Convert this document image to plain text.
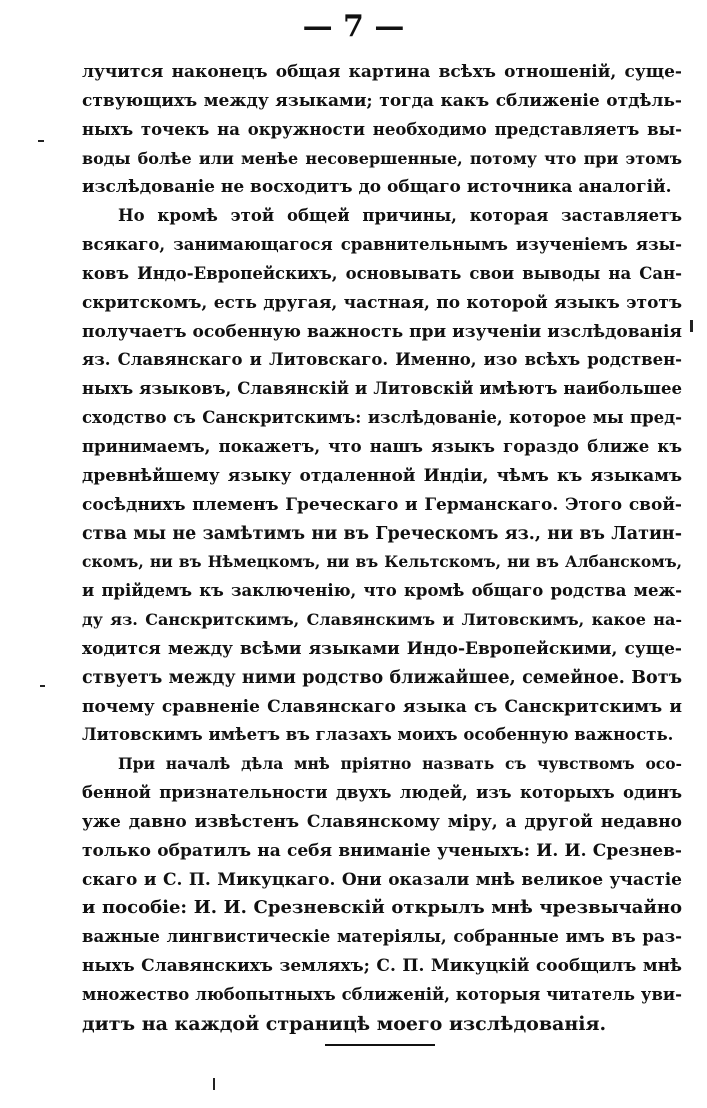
— 7 —
лучится наконецъ общая картина всѣхъ отношенiй, суще-
ствующихъ между языками; тогда какъ сближенiе отдѣль-
ныхъ точекъ на окружности необходимо представляетъ вы-
воды болѣе или менѣе несовершенные, потому что при этомъ
изслѣдованiе не восходитъ до общаго источника аналогiй.
Но кромѣ этой общей причины, которая заставляетъ
всякаго, занимающагося сравнительнымъ изученiемъ язы-
ковъ Индо-Европейскихъ, основывать свои выводы на Сан-
скритскомъ, есть другая, частная, по которой языкъ этотъ
получаетъ особенную важность при изученiи изслѣдованiя
яз. Славянскаго и Литовскаго. Именно, изо всѣхъ родствен-
ныхъ языковъ, Славянскiй и Литовскiй имѣютъ наибольшее
сходство съ Санскритскимъ: изслѣдованiе, которое мы пред-
принимаемъ, покажетъ, что нашъ языкъ гораздо ближе къ
древнѣйшему языку отдаленной Индiи, чѣмъ къ языкамъ
сосѣднихъ племенъ Греческаго и Германскаго. Этого свой-
ства мы не замѣтимъ ни въ Греческомъ яз., ни въ Латин-
скомъ, ни въ Нѣмецкомъ, ни въ Кельтскомъ, ни въ Албанскомъ,
и прiйдемъ къ заключенiю, что кромѣ общаго родства меж-
ду яз. Санскритскимъ, Славянскимъ и Литовскимъ, какое на-
ходится между всѣми языками Индо-Европейскими, суще-
ствуетъ между ними родство ближайшее, семейное. Вотъ
почему сравненiе Славянскаго языка съ Санскритскимъ и
Литовскимъ имѣетъ въ глазахъ моихъ особенную важность.
При началѣ дѣла мнѣ прiятно назвать съ чувствомъ осо-
бенной признательности двухъ людей, изъ которыхъ одинъ
уже давно извѣстенъ Славянскому мiру, а другой недавно
только обратилъ на себя вниманiе ученыхъ: И. И. Срезнев-
скаго и С. П. Микуцкаго. Они оказали мнѣ великое участiе
и пособiе: И. И. Срезневскiй открылъ мнѣ чрезвычайно
важные лингвистическiе матерiялы, собранные имъ въ раз-
ныхъ Славянскихъ земляхъ; С. П. Микуцкiй сообщилъ мнѣ
множество любопытныхъ сближенiй, которыя читатель уви-
дитъ на каждой страницѣ моего изслѣдованiя.
